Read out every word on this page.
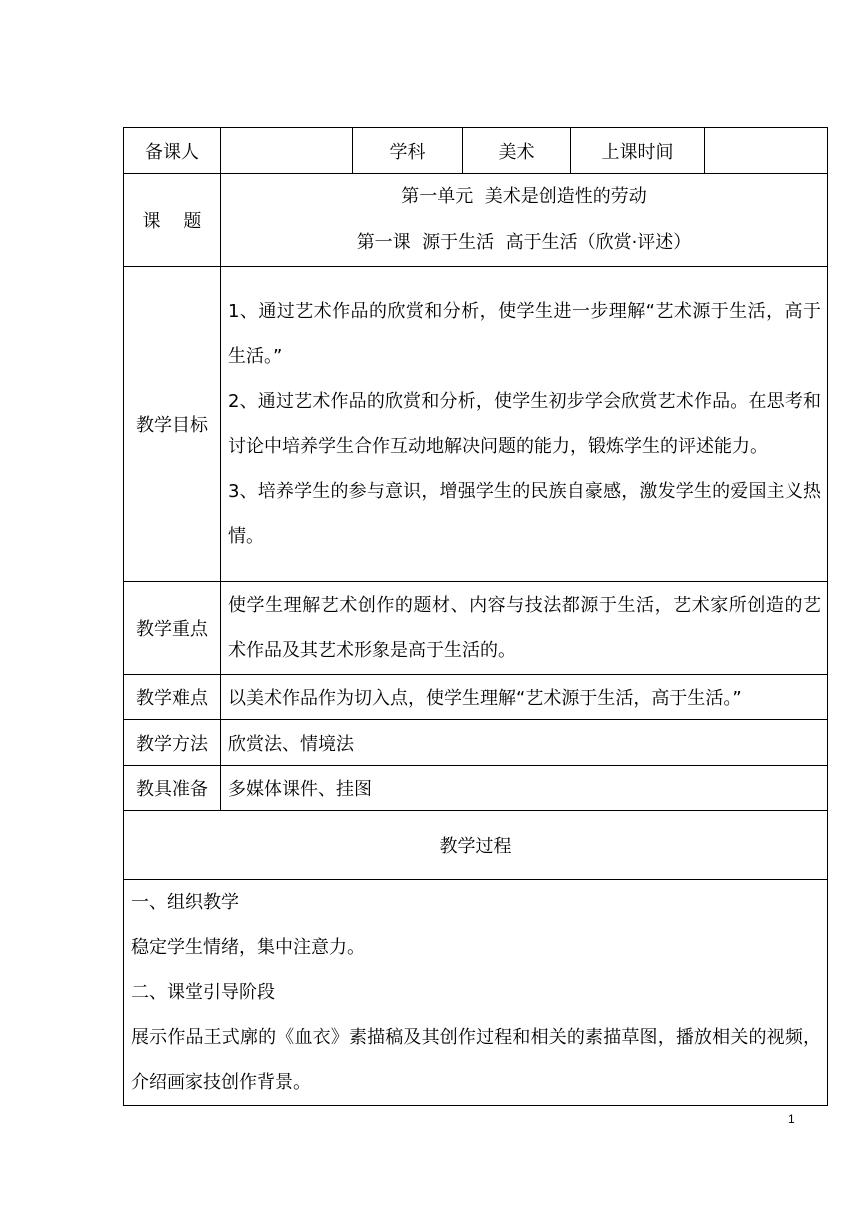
备课人		学科	美术	上课时间	
课    题	第一单元  美术是创造性的劳动
第一课  源于生活  高于生活（欣赏·评述）				

教学目标	1、通过艺术作品的欣赏和分析，使学生进一步理解“艺术源于生活，高于生活。”
2、通过艺术作品的欣赏和分析，使学生初步学会欣赏艺术作品。在思考和讨论中培养学生合作互动地解决问题的能力，锻炼学生的评述能力。
3、培养学生的参与意识，增强学生的民族自豪感，激发学生的爱国主义热情。				

教学重点	使学生理解艺术创作的题材、内容与技法都源于生活，艺术家所创造的艺术作品及其艺术形象是高于生活的。				

教学难点	以美术作品作为切入点，使学生理解“艺术源于生活，高于生活。”				
教学方法	欣赏法、情境法				
教具准备	多媒体课件、挂图				
教学过程					

一、组织教学
稳定学生情绪，集中注意力。
二、课堂引导阶段
展示作品王式廓的《血衣》素描稿及其创作过程和相关的素描草图，播放相关的视频，介绍画家技创作背景。					
1
